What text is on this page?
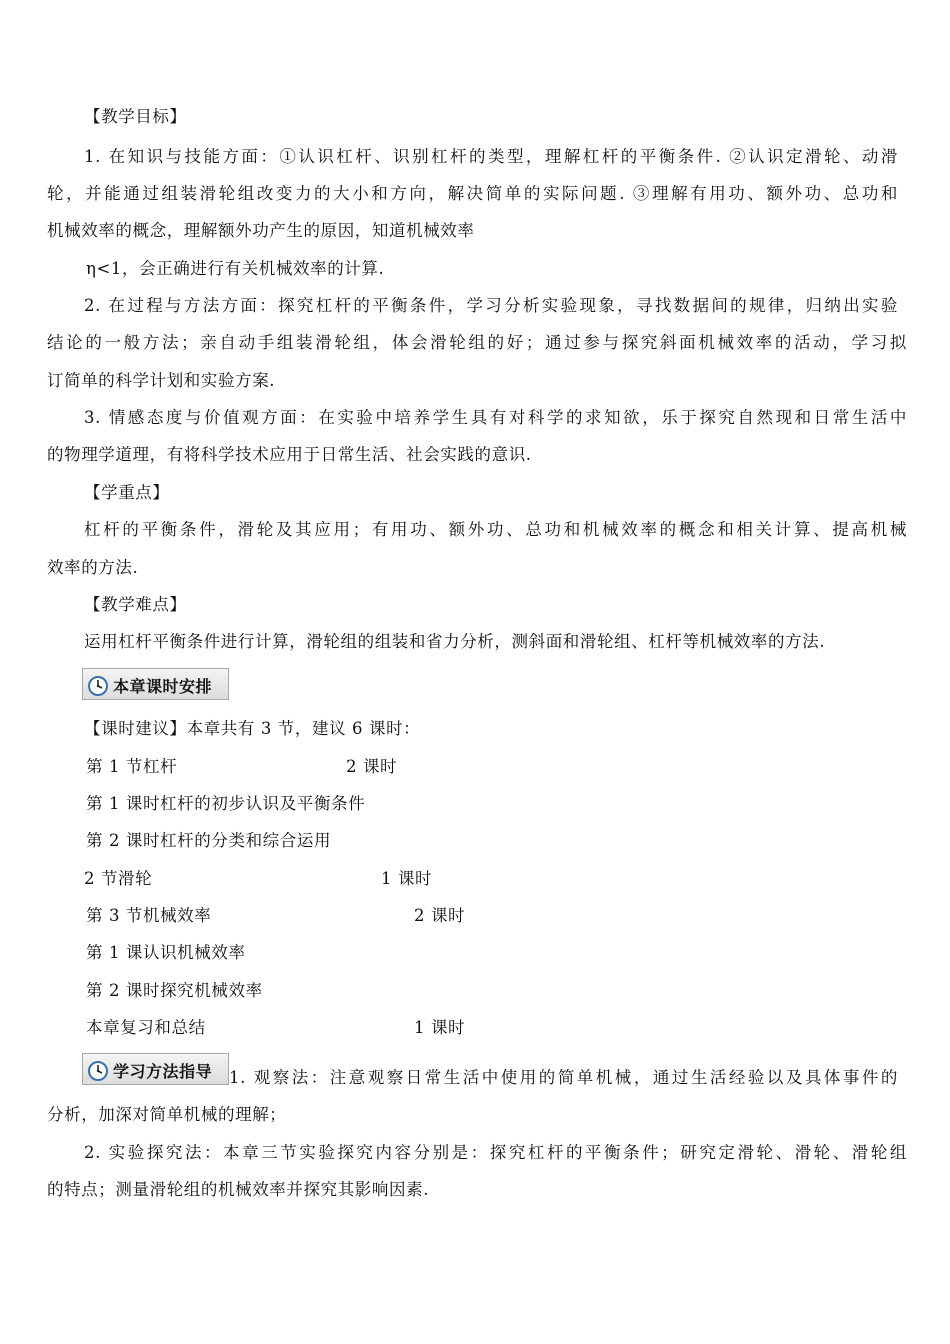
【教学目标】
1. 在知识与技能方面：①认识杠杆、识别杠杆的类型，理解杠杆的平衡条件. ②认识定滑轮、动滑
轮，并能通过组装滑轮组改变力的大小和方向，解决简单的实际问题. ③理解有用功、额外功、总功和
机械效率的概念，理解额外功产生的原因，知道机械效率
η<1，会正确进行有关机械效率的计算.
2. 在过程与方法方面：探究杠杆的平衡条件，学习分析实验现象，寻找数据间的规律，归纳出实验
结论的一般方法；亲自动手组装滑轮组，体会滑轮组的好；通过参与探究斜面机械效率的活动，学习拟
订简单的科学计划和实验方案.
3. 情感态度与价值观方面：在实验中培养学生具有对科学的求知欲，乐于探究自然现和日常生活中
的物理学道理，有将科学技术应用于日常生活、社会实践的意识.
【学重点】
杠杆的平衡条件，滑轮及其应用；有用功、额外功、总功和机械效率的概念和相关计算、提高机械
效率的方法.
【教学难点】
运用杠杆平衡条件进行计算，滑轮组的组装和省力分析，测斜面和滑轮组、杠杆等机械效率的方法.
本章课时安排
【课时建议】本章共有 3 节，建议 6 课时：
第 1 节杠杆	2 课时
第 1 课时杠杆的初步认识及平衡条件
第 2 课时杠杆的分类和综合运用
2 节滑轮	1 课时
第 3 节机械效率	2 课时
第 1 课认识机械效率
第 2 课时探究机械效率
本章复习和总结	1 课时
学习方法指导 1. 观察法：注意观察日常生活中使用的简单机械，通过生活经验以及具体事件的
分析，加深对简单机械的理解；
2. 实验探究法：本章三节实验探究内容分别是：探究杠杆的平衡条件；研究定滑轮、滑轮、滑轮组
的特点；测量滑轮组的机械效率并探究其影响因素.
